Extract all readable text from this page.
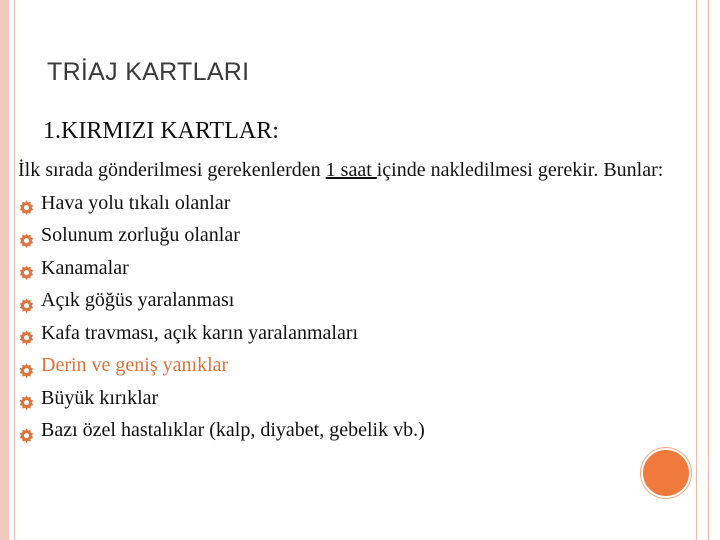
TRİAJ KARTLARI
1.KIRMIZI KARTLAR:

İlk sırada gönderilmesi gerekenlerden 1 saat içinde nakledilmesi gerekir. Bunlar:

Hava yolu tıkalı olanlar
Solunum zorluğu olanlar
Kanamalar
Açık göğüs yaralanması
Kafa travması, açık karın yaralanmaları
Derin ve geniş yanıklar
Büyük kırıklar
Bazı özel hastalıklar (kalp, diyabet, gebelik vb.)
